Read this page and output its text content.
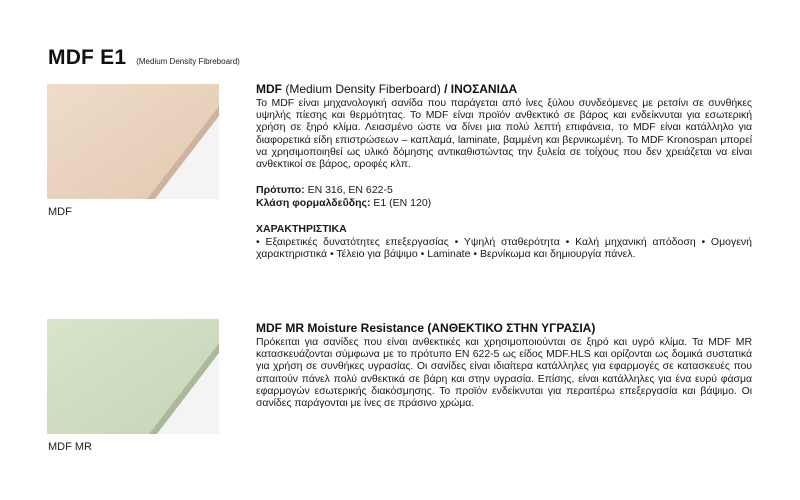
MDF E1 (Medium Density Fibreboard)
MDF

MDF (Medium Density Fiberboard) / ΙΝΟΣΑΝΙΔΑ

Το MDF είναι μηχανολογική σανίδα που παράγεται από ίνες ξύλου συνδεόμενες με ρετσίνι σε συνθήκες υψηλής πίεσης και θερμότητας. Το MDF είναι προϊόν ανθεκτικό σε βάρος και ενδείκνυται για εσωτερική χρήση σε ξηρό κλίμα. Λειασμένο ώστε να δίνει μια πολύ λεπτή επιφάνεια, το MDF είναι κατάλληλο για διαφορετικά είδη επιστρώσεων – καπλαμά, laminate, βαμμένη και βερνικωμένη. Το MDF Kronospan μπορεί να χρησιμοποιηθεί ως υλικό δόμησης αντικαθιστώντας την ξυλεία σε τοίχους που δεν χρειάζεται να είναι ανθεκτικοί σε βάρος, οροφές κλπ.

Πρότυπο: EN 316, EN 622-5

Κλάση φορμαλδεΰδης: E1 (EN 120)

ΧΑΡΑΚΤΗΡΙΣΤΙΚΑ

• Εξαιρετικές δυνατότητες επεξεργασίας • Υψηλή σταθερότητα • Καλή μηχανική απόδοση • Ομογενή χαρακτηριστικά • Τέλειο για βάψιμο • Laminate • Βερνίκωμα και δημιουργία πάνελ.

MDF MR

MDF MR Moisture Resistance (ΑΝΘΕΚΤΙΚΟ ΣΤΗΝ ΥΓΡΑΣΙΑ)

Πρόκειται για σανίδες που είναι ανθεκτικές και χρησιμοποιούνται σε ξηρό και υγρό κλίμα. Τα MDF MR κατασκευάζονται σύμφωνα με το πρότυπο EN 622-5 ως είδος MDF.HLS και ορίζονται ως δομικά συστατικά για χρήση σε συνθήκες υγρασίας. Οι σανίδες είναι ιδιαίτερα κατάλληλες για εφαρμογές σε κατασκευές που απαιτούν πάνελ πολύ ανθεκτικά σε βάρη και στην υγρασία. Επίσης, είναι κατάλληλες για ένα ευρύ φάσμα εφαρμογών εσωτερικής διακόσμησης. Το προϊόν ενδείκνυται για περαιτέρω επεξεργασία και βάψιμο. Οι σανίδες παράγονται με ίνες σε πράσινο χρώμα.
